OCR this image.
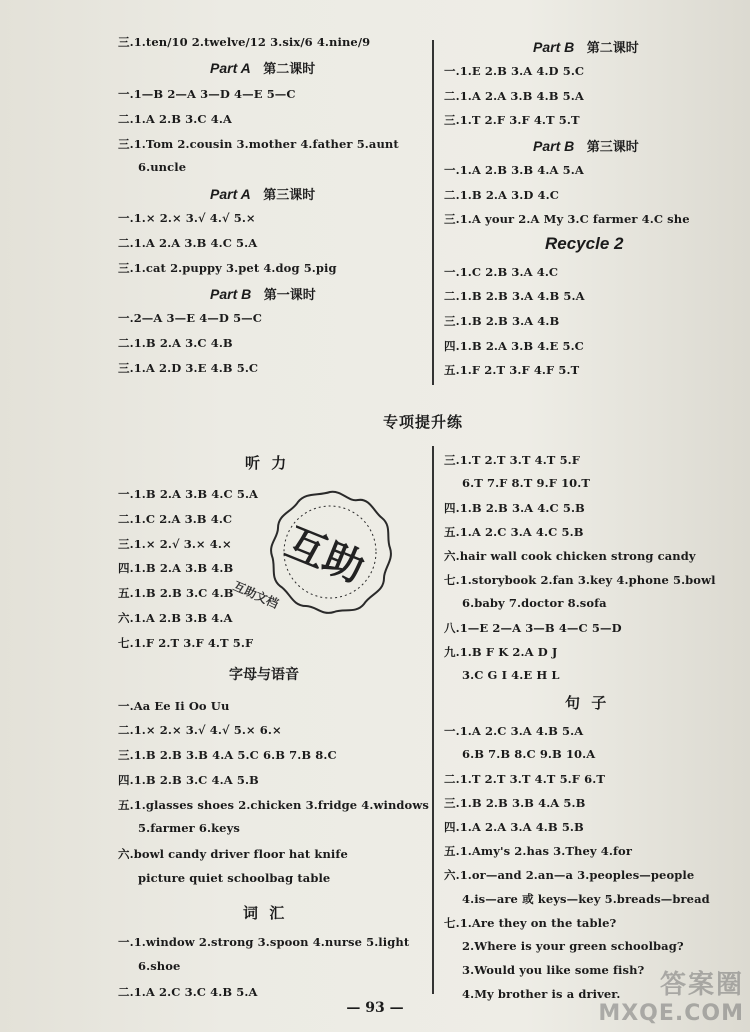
三.1.ten/10 2.twelve/12 3.six/6 4.nine/9
Part A 第二课时
一.1—B 2—A 3—D 4—E 5—C
二.1.A 2.B 3.C 4.A
三.1.Tom 2.cousin 3.mother 4.father 5.aunt
6.uncle
Part A 第三课时
一.1.× 2.× 3.√ 4.√ 5.×
二.1.A 2.A 3.B 4.C 5.A
三.1.cat 2.puppy 3.pet 4.dog 5.pig
Part B 第一课时
一.2—A 3—E 4—D 5—C
二.1.B 2.A 3.C 4.B
三.1.A 2.D 3.E 4.B 5.C
Part B 第二课时
一.1.E 2.B 3.A 4.D 5.C
二.1.A 2.A 3.B 4.B 5.A
三.1.T 2.F 3.F 4.T 5.T
Part B 第三课时
一.1.A 2.B 3.B 4.A 5.A
二.1.B 2.A 3.D 4.C
三.1.A your 2.A My 3.C farmer 4.C she
Recycle 2
一.1.C 2.B 3.A 4.C
二.1.B 2.B 3.A 4.B 5.A
三.1.B 2.B 3.A 4.B
四.1.B 2.A 3.B 4.E 5.C
五.1.F 2.T 3.F 4.F 5.T
专项提升练
听 力
一.1.B 2.A 3.B 4.C 5.A
二.1.C 2.A 3.B 4.C
三.1.× 2.√ 3.× 4.×
四.1.B 2.A 3.B 4.B
五.1.B 2.B 3.C 4.B
六.1.A 2.B 3.B 4.A
七.1.F 2.T 3.F 4.T 5.F
字母与语音
一.Aa Ee Ii Oo Uu
二.1.× 2.× 3.√ 4.√ 5.× 6.×
三.1.B 2.B 3.B 4.A 5.C 6.B 7.B 8.C
四.1.B 2.B 3.C 4.A 5.B
五.1.glasses shoes 2.chicken 3.fridge 4.windows
5.farmer 6.keys
六.bowl candy driver floor hat knife
picture quiet schoolbag table
词 汇
一.1.window 2.strong 3.spoon 4.nurse 5.light
6.shoe
二.1.A 2.C 3.C 4.B 5.A
三.1.T 2.T 3.T 4.T 5.F
6.T 7.F 8.T 9.F 10.T
四.1.B 2.B 3.A 4.C 5.B
五.1.A 2.C 3.A 4.C 5.B
六.hair wall cook chicken strong candy
七.1.storybook 2.fan 3.key 4.phone 5.bowl
6.baby 7.doctor 8.sofa
八.1—E 2—A 3—B 4—C 5—D
九.1.B F K 2.A D J
3.C G I 4.E H L
句 子
一.1.A 2.C 3.A 4.B 5.A
6.B 7.B 8.C 9.B 10.A
二.1.T 2.T 3.T 4.T 5.F 6.T
三.1.B 2.B 3.B 4.A 5.B
四.1.A 2.A 3.A 4.B 5.B
五.1.Amy's 2.has 3.They 4.for
六.1.or—and 2.an—a 3.peoples—people
4.is—are 或 keys—key 5.breads—bread
七.1.Are they on the table?
2.Where is your green schoolbag?
3.Would you like some fish?
4.My brother is a driver.
互助
互助文档
— 93 —
答案圈
MXQE.COM
